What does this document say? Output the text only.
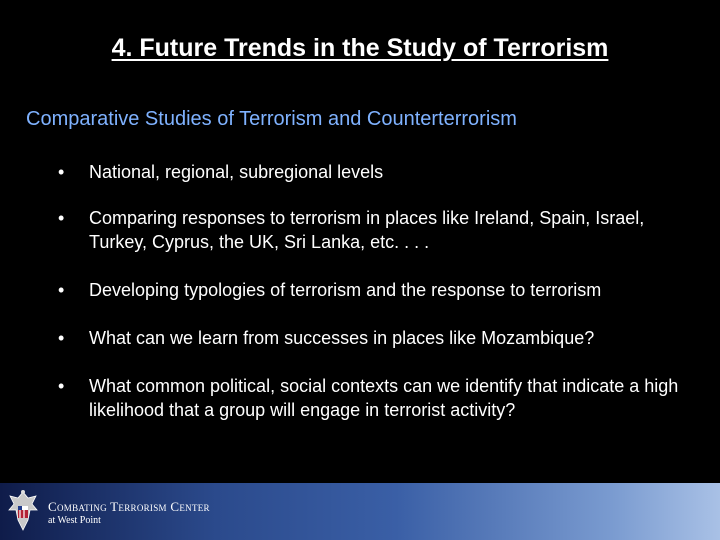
4. Future Trends in the Study of Terrorism
Comparative Studies of Terrorism and Counterterrorism
• National, regional, subregional levels
• Comparing responses to terrorism in places like Ireland, Spain, Israel, Turkey, Cyprus, the UK, Sri Lanka, etc. . . .
• Developing typologies of terrorism and the response to terrorism
• What can we learn from successes in places like Mozambique?
• What common political, social contexts can we identify that indicate a high likelihood that a group will engage in terrorist activity?
Combating Terrorism Center
at West Point
